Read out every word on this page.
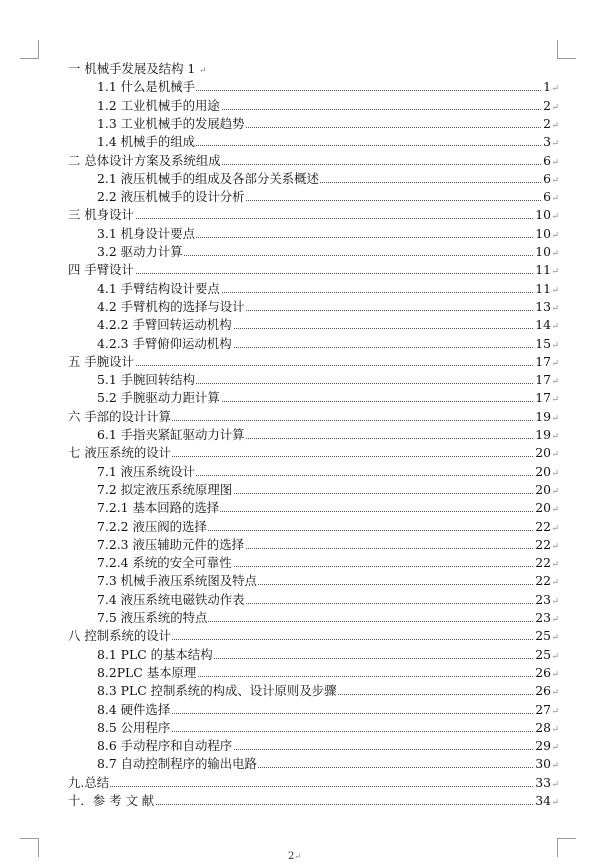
一 机械手发展及结构 1 ↵
1.1 什么是机械手	1 ↵
1.2 工业机械手的用途	2 ↵
1.3 工业机械手的发展趋势	2 ↵
1.4 机械手的组成	3 ↵
二 总体设计方案及系统组成	6 ↵
2.1 液压机械手的组成及各部分关系概述	6 ↵
2.2 液压机械手的设计分析	6 ↵
三 机身设计	10 ↵
3.1 机身设计要点	10 ↵
3.2 驱动力计算	10 ↵
四 手臂设计	11 ↵
4.1 手臂结构设计要点	11 ↵
4.2 手臂机构的选择与设计	13 ↵
4.2.2 手臂回转运动机构	14 ↵
4.2.3 手臂俯仰运动机构	15 ↵
五 手腕设计	17 ↵
5.1 手腕回转结构	17 ↵
5.2 手腕驱动力距计算	17 ↵
六 手部的设计计算	19 ↵
6.1 手指夹紧缸驱动力计算	19 ↵
七 液压系统的设计	20 ↵
7.1 液压系统设计	20 ↵
7.2 拟定液压系统原理图	20 ↵
7.2.1 基本回路的选择	20 ↵
7.2.2 液压阀的选择	22 ↵
7.2.3 液压辅助元件的选择	22 ↵
7.2.4 系统的安全可靠性	22 ↵
7.3 机械手液压系统图及特点	22 ↵
7.4 液压系统电磁铁动作表	23 ↵
7.5 液压系统的特点	23 ↵
八 控制系统的设计	25 ↵
8.1 PLC 的基本结构	25 ↵
8.2PLC 基本原理	26 ↵
8.3 PLC 控制系统的构成、设计原则及步骤	26 ↵
8.4 硬件选择	27 ↵
8.5 公用程序	28 ↵
8.6 手动程序和自动程序	29 ↵
8.7 自动控制程序的输出电路	30 ↵
九.总结	33 ↵
十．参 考 文 献	34 ↵
2↵
